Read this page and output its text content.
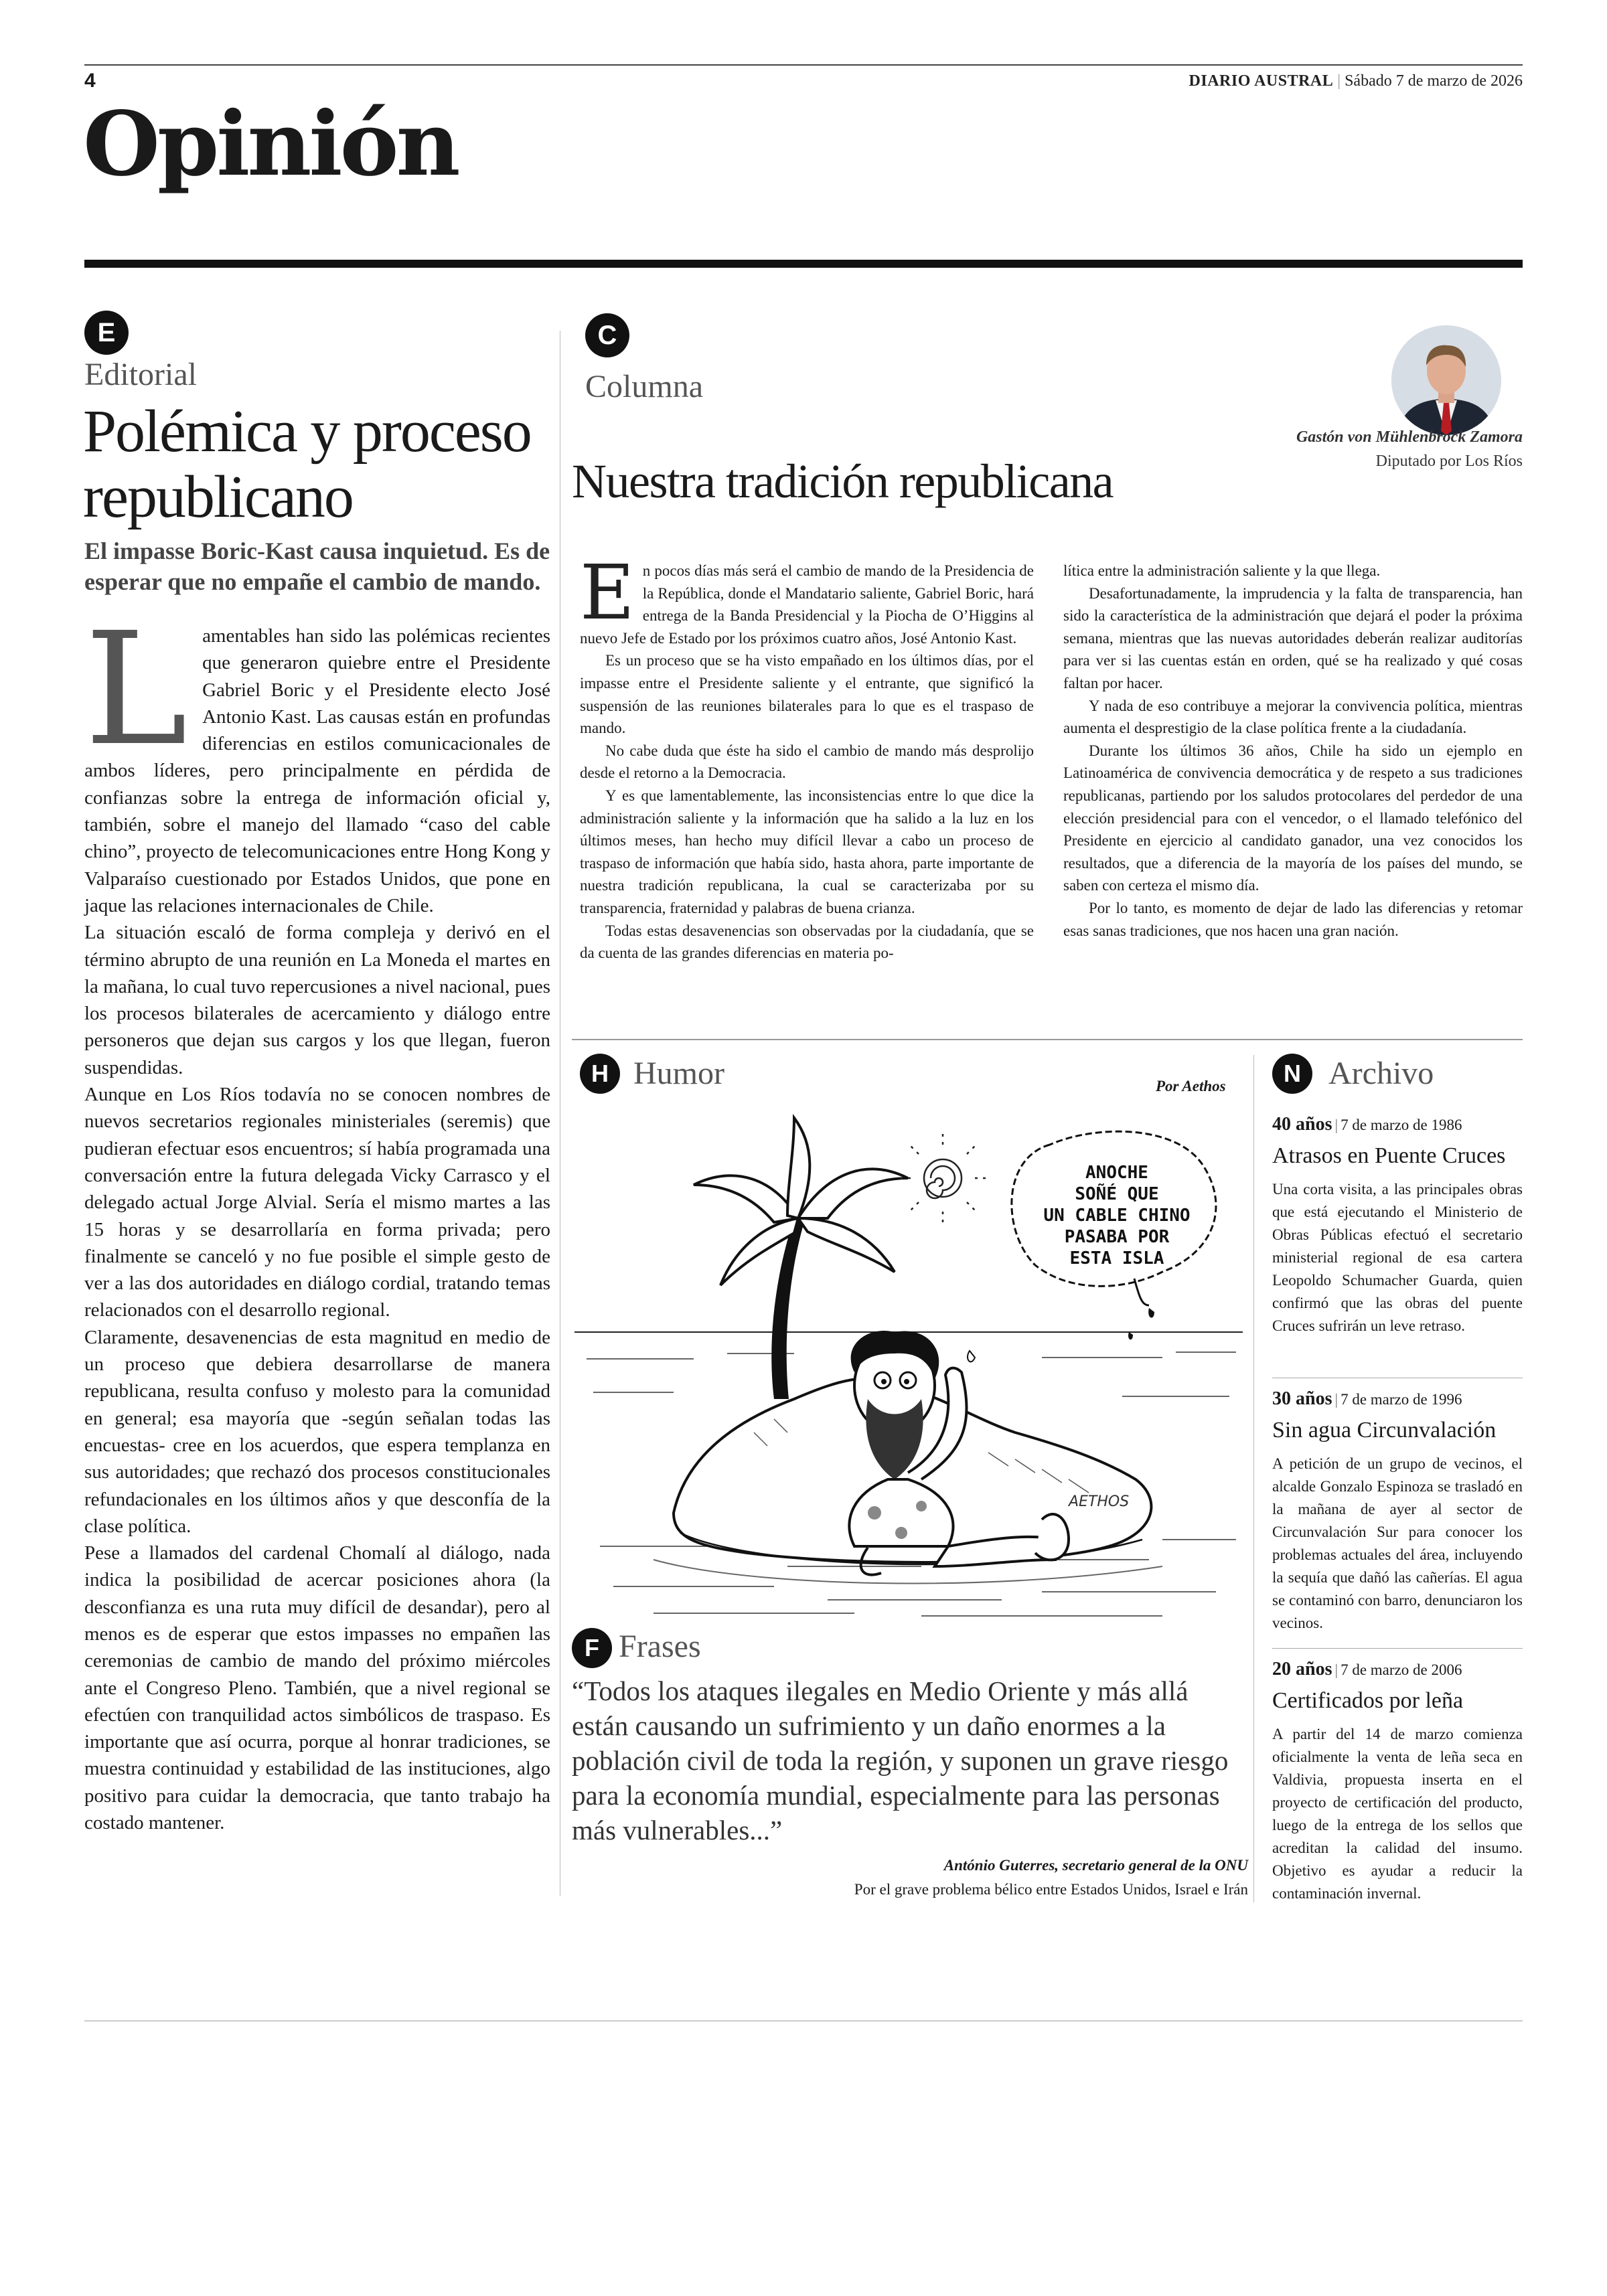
4	DIARIO AUSTRAL | Sábado 7 de marzo de 2026
Opinión
E
Editorial
Polémica y proceso republicano
El impasse Boric-Kast causa inquietud. Es de esperar que no empañe el cambio de mando.

Lamentables han sido las polémicas recientes que generaron quiebre entre el Presidente Gabriel Boric y el Presidente electo José Antonio Kast. Las causas están en profundas diferencias en estilos comunicacionales de ambos líderes, pero principalmente en pérdida de confianzas sobre la entrega de información oficial y, también, sobre el manejo del llamado “caso del cable chino”, proyecto de telecomunicaciones entre Hong Kong y Valparaíso cuestionado por Estados Unidos, que pone en jaque las relaciones internacionales de Chile.

La situación escaló de forma compleja y derivó en el término abrupto de una reunión en La Moneda el martes en la mañana, lo cual tuvo repercusiones a nivel nacional, pues los procesos bilaterales de acercamiento y diálogo entre personeros que dejan sus cargos y los que llegan, fueron suspendidas.

Aunque en Los Ríos todavía no se conocen nombres de nuevos secretarios regionales ministeriales (seremis) que pudieran efectuar esos encuentros; sí había programada una conversación entre la futura delegada Vicky Carrasco y el delegado actual Jorge Alvial. Sería el mismo martes a las 15 horas y se desarrollaría en forma privada; pero finalmente se canceló y no fue posible el simple gesto de ver a las dos autoridades en diálogo cordial, tratando temas relacionados con el desarrollo regional.

Claramente, desavenencias de esta magnitud en medio de un proceso que debiera desarrollarse de manera republicana, resulta confuso y molesto para la comunidad en general; esa mayoría que -según señalan todas las encuestas- cree en los acuerdos, que espera templanza en sus autoridades; que rechazó dos procesos constitucionales refundacionales en los últimos años y que desconfía de la clase política.

Pese a llamados del cardenal Chomalí al diálogo, nada indica la posibilidad de acercar posiciones ahora (la desconfianza es una ruta muy difícil de desandar), pero al menos es de esperar que estos impasses no empañen las ceremonias de cambio de mando del próximo miércoles ante el Congreso Pleno. También, que a nivel regional se efectúen con tranquilidad actos simbólicos de traspaso. Es importante que así ocurra, porque al honrar tradiciones, se muestra continuidad y estabilidad de las instituciones, algo positivo para cuidar la democracia, que tanto trabajo ha costado mantener.

C
Columna
Nuestra tradición republicana
Gastón von Mühlenbrock Zamora
Diputado por Los Ríos

En pocos días más será el cambio de mando de la Presidencia de la República, donde el Mandatario saliente, Gabriel Boric, hará entrega de la Banda Presidencial y la Piocha de O’Higgins al nuevo Jefe de Estado por los próximos cuatro años, José Antonio Kast.

Es un proceso que se ha visto empañado en los últimos días, por el impasse entre el Presidente saliente y el entrante, que significó la suspensión de las reuniones bilaterales para lo que es el traspaso de mando.

No cabe duda que éste ha sido el cambio de mando más desprolijo desde el retorno a la Democracia.

Y es que lamentablemente, las inconsistencias entre lo que dice la administración saliente y la información que ha salido a la luz en los últimos meses, han hecho muy difícil llevar a cabo un proceso de traspaso de información que había sido, hasta ahora, parte importante de nuestra tradición republicana, la cual se caracterizaba por su transparencia, fraternidad y palabras de buena crianza.

Todas estas desavenencias son observadas por la ciudadanía, que se da cuenta de las grandes diferencias en materia po-

lítica entre la administración saliente y la que llega.

Desafortunadamente, la imprudencia y la falta de transparencia, han sido la característica de la administración que dejará el poder la próxima semana, mientras que las nuevas autoridades deberán realizar auditorías para ver si las cuentas están en orden, qué se ha realizado y qué cosas faltan por hacer.

Y nada de eso contribuye a mejorar la convivencia política, mientras aumenta el desprestigio de la clase política frente a la ciudadanía.

Durante los últimos 36 años, Chile ha sido un ejemplo en Latinoamérica de convivencia democrática y de respeto a sus tradiciones republicanas, partiendo por los saludos protocolares del perdedor de una elección presidencial para con el vencedor, o el llamado telefónico del Presidente en ejercicio al candidato ganador, una vez conocidos los resultados, que a diferencia de la mayoría de los países del mundo, se saben con certeza el mismo día.

Por lo tanto, es momento de dejar de lado las diferencias y retomar esas sanas tradiciones, que nos hacen una gran nación.

H Humor	Por Aethos
ANOCHE
SOÑÉ QUE
UN CABLE CHINO
PASABA POR
ESTA ISLA
AETHOS
F Frases
“Todos los ataques ilegales en Medio Oriente y más allá están causando un sufrimiento y un daño enormes a la población civil de toda la región, y suponen un grave riesgo para la economía mundial, especialmente para las personas más vulnerables...”
António Guterres, secretario general de la ONU
Por el grave problema bélico entre Estados Unidos, Israel e Irán
N Archivo
40 años | 7 de marzo de 1986
Atrasos en Puente Cruces
Una corta visita, a las principales obras que está ejecutando el Ministerio de Obras Públicas efectuó el secretario ministerial regional de esa cartera Leopoldo Schumacher Guarda, quien confirmó que las obras del puente Cruces sufrirán un leve retraso.
30 años | 7 de marzo de 1996
Sin agua Circunvalación
A petición de un grupo de vecinos, el alcalde Gonzalo Espinoza se trasladó en la mañana de ayer al sector de Circunvalación Sur para conocer los problemas actuales del área, incluyendo la sequía que dañó las cañerías. El agua se contaminó con barro, denunciaron los vecinos.
20 años | 7 de marzo de 2006
Certificados por leña
A partir del 14 de marzo comienza oficialmente la venta de leña seca en Valdivia, propuesta inserta en el proyecto de certificación del producto, luego de la entrega de los sellos que acreditan la calidad del insumo. Objetivo es ayudar a reducir la contaminación invernal.
